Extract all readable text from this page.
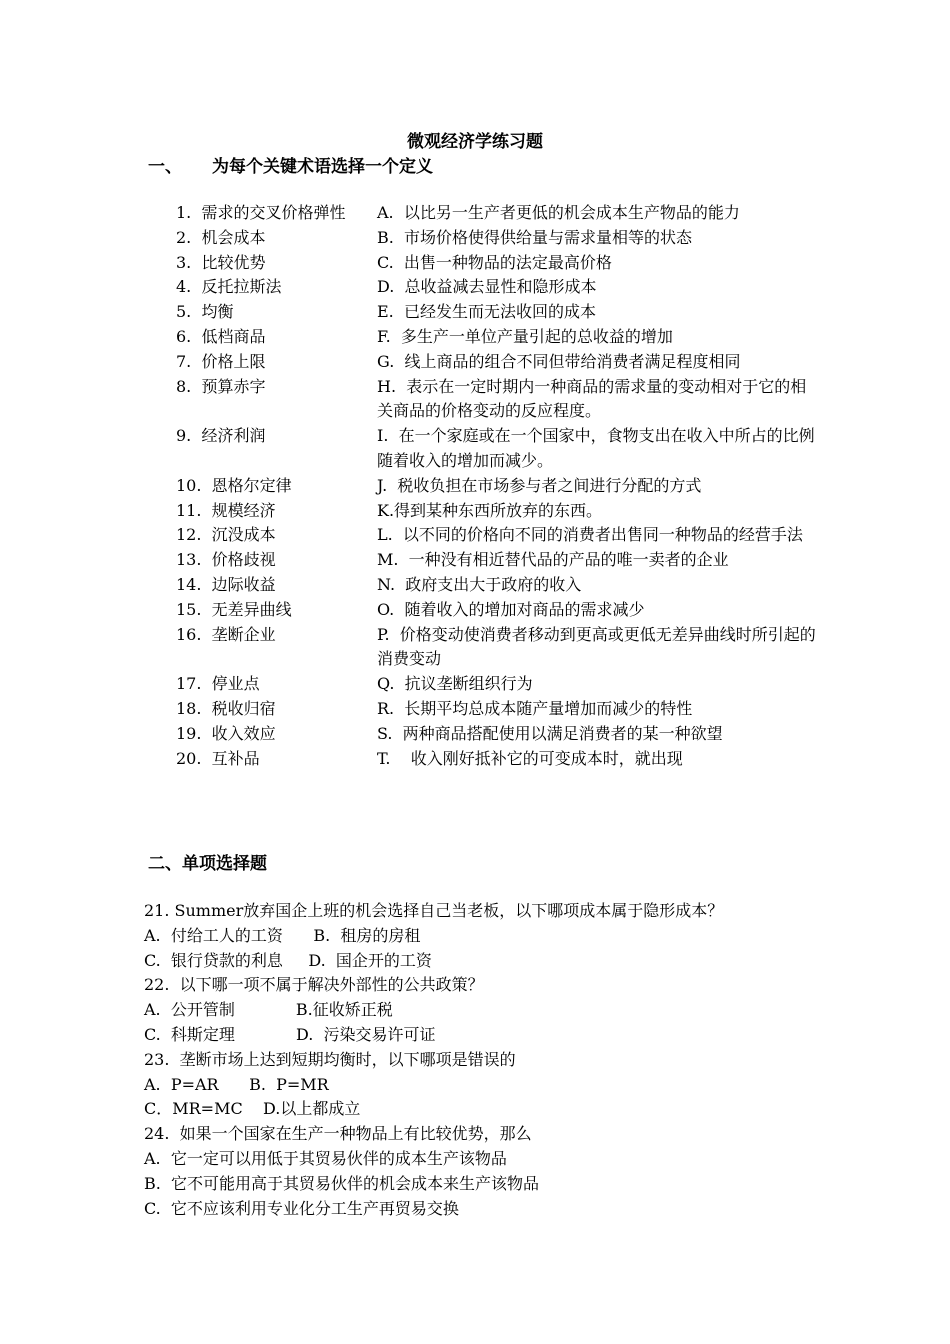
微观经济学练习题
一、 为每个关键术语选择一个定义
1.  需求的交叉价格弹性	A.  以比另一生产者更低的机会成本生产物品的能力
2.  机会成本	B.  市场价格使得供给量与需求量相等的状态
3.  比较优势	C.  出售一种物品的法定最高价格
4.  反托拉斯法	D.  总收益减去显性和隐形成本
5.  均衡	E.  已经发生而无法收回的成本
6.  低档商品	F.  多生产一单位产量引起的总收益的增加
7.  价格上限	G.  线上商品的组合不同但带给消费者满足程度相同
8.  预算赤字	H.  表示在一定时期内一种商品的需求量的变动相对于它的相关商品的价格变动的反应程度。
9.  经济利润	I.  在一个家庭或在一个国家中，食物支出在收入中所占的比例随着收入的增加而减少。
10.  恩格尔定律	J.  税收负担在市场参与者之间进行分配的方式
11.  规模经济	K.得到某种东西所放弃的东西。
12.  沉没成本	L.  以不同的价格向不同的消费者出售同一种物品的经营手法
13.  价格歧视	M.  一种没有相近替代品的产品的唯一卖者的企业
14.  边际收益	N.  政府支出大于政府的收入
15.  无差异曲线	O.  随着收入的增加对商品的需求减少
16.  垄断企业	P.  价格变动使消费者移动到更高或更低无差异曲线时所引起的消费变动
17.  停业点	Q.  抗议垄断组织行为
18.  税收归宿	R.  长期平均总成本随产量增加而减少的特性
19.  收入效应	S.  两种商品搭配使用以满足消费者的某一种欲望
20.  互补品	T.    收入刚好抵补它的可变成本时，就出现
二、单项选择题
21. Summer放弃国企上班的机会选择自己当老板，以下哪项成本属于隐形成本？
A.  付给工人的工资      B.  租房的房租
C.  银行贷款的利息     D.  国企开的工资
22.  以下哪一项不属于解决外部性的公共政策？
A.  公开管制            B.征收矫正税
C.  科斯定理            D.  污染交易许可证
23.  垄断市场上达到短期均衡时，以下哪项是错误的
A.  P=AR      B.  P=MR
C．MR=MC    D.以上都成立
24.  如果一个国家在生产一种物品上有比较优势，那么
A.  它一定可以用低于其贸易伙伴的成本生产该物品
B.  它不可能用高于其贸易伙伴的机会成本来生产该物品
C.  它不应该利用专业化分工生产再贸易交换
